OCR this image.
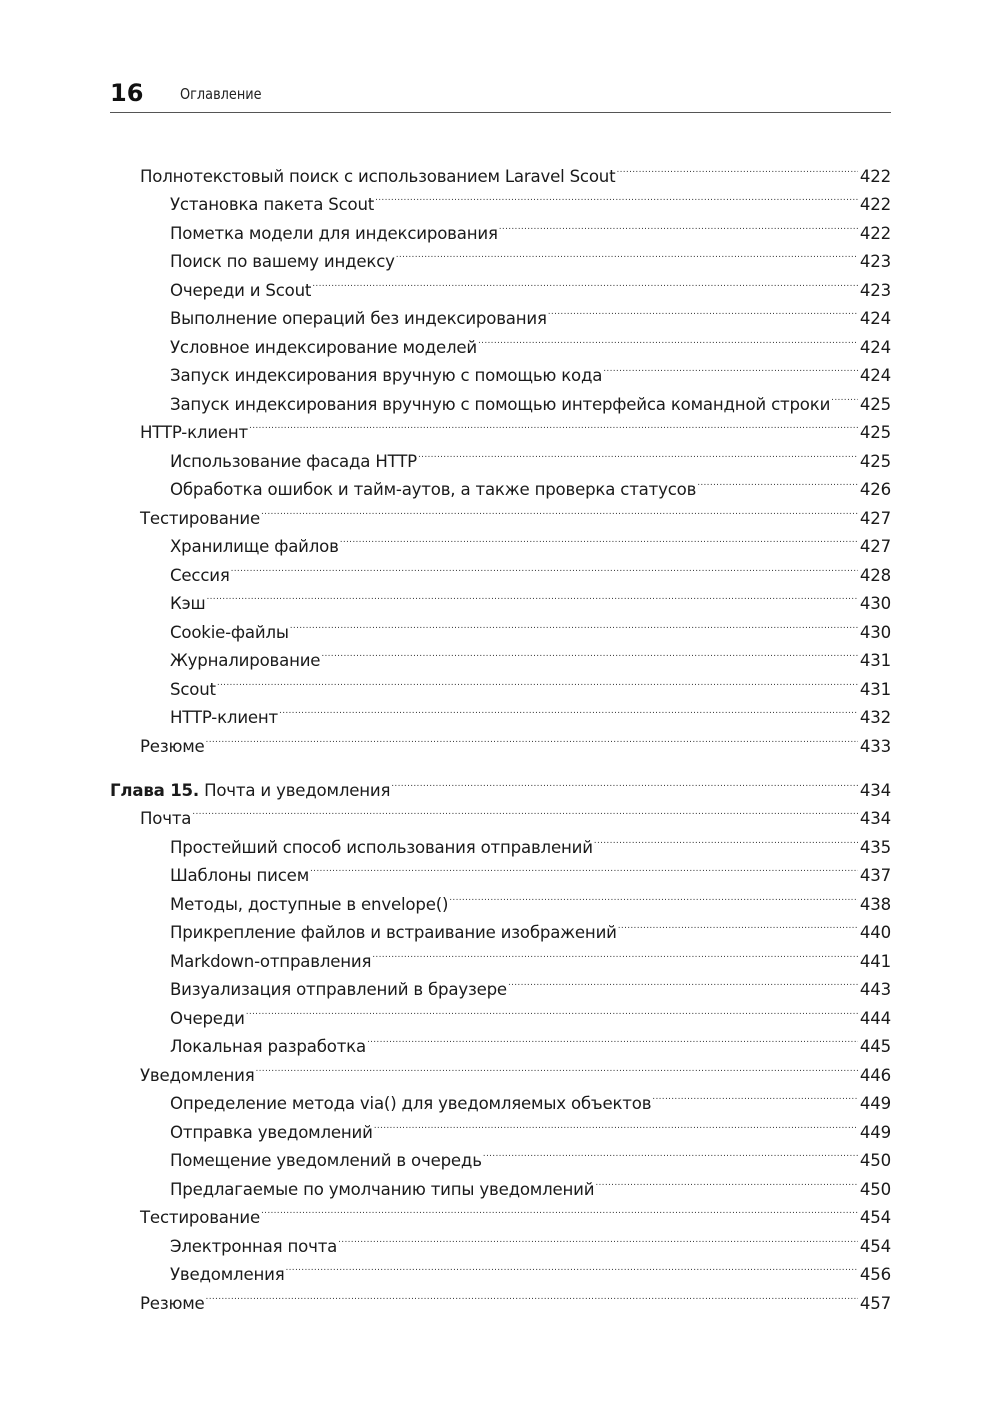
16 Оглавление
Полнотекстовый поиск с использованием Laravel Scout .....	422
Установка пакета Scout .....	422
Пометка модели для индексирования .....	422
Поиск по вашему индексу .....	423
Очереди и Scout .....	423
Выполнение операций без индексирования .....	424
Условное индексирование моделей .....	424
Запуск индексирования вручную с помощью кода .....	424
Запуск индексирования вручную с помощью интерфейса командной строки ..... 425
HTTP-клиент .....	425
Использование фасада HTTP .....	425
Обработка ошибок и тайм-аутов, а также проверка статусов .....	426
Тестирование .....	427
Хранилище файлов .....	427
Сессия .....	428
Кэш .....	430
Cookie-файлы .....	430
Журналирование .....	431
Scout .....	431
HTTP-клиент .....	432
Резюме .....	433
Глава 15. Почта и уведомления .....	434
Почта .....	434
Простейший способ использования отправлений .....	435
Шаблоны писем .....	437
Методы, доступные в envelope() .....	438
Прикрепление файлов и встраивание изображений .....	440
Markdown-отправления .....	441
Визуализация отправлений в браузере .....	443
Очереди .....	444
Локальная разработка .....	445
Уведомления .....	446
Определение метода via() для уведомляемых объектов .....	449
Отправка уведомлений .....	449
Помещение уведомлений в очередь .....	450
Предлагаемые по умолчанию типы уведомлений .....	450
Тестирование .....	454
Электронная почта .....	454
Уведомления .....	456
Резюме .....	457
